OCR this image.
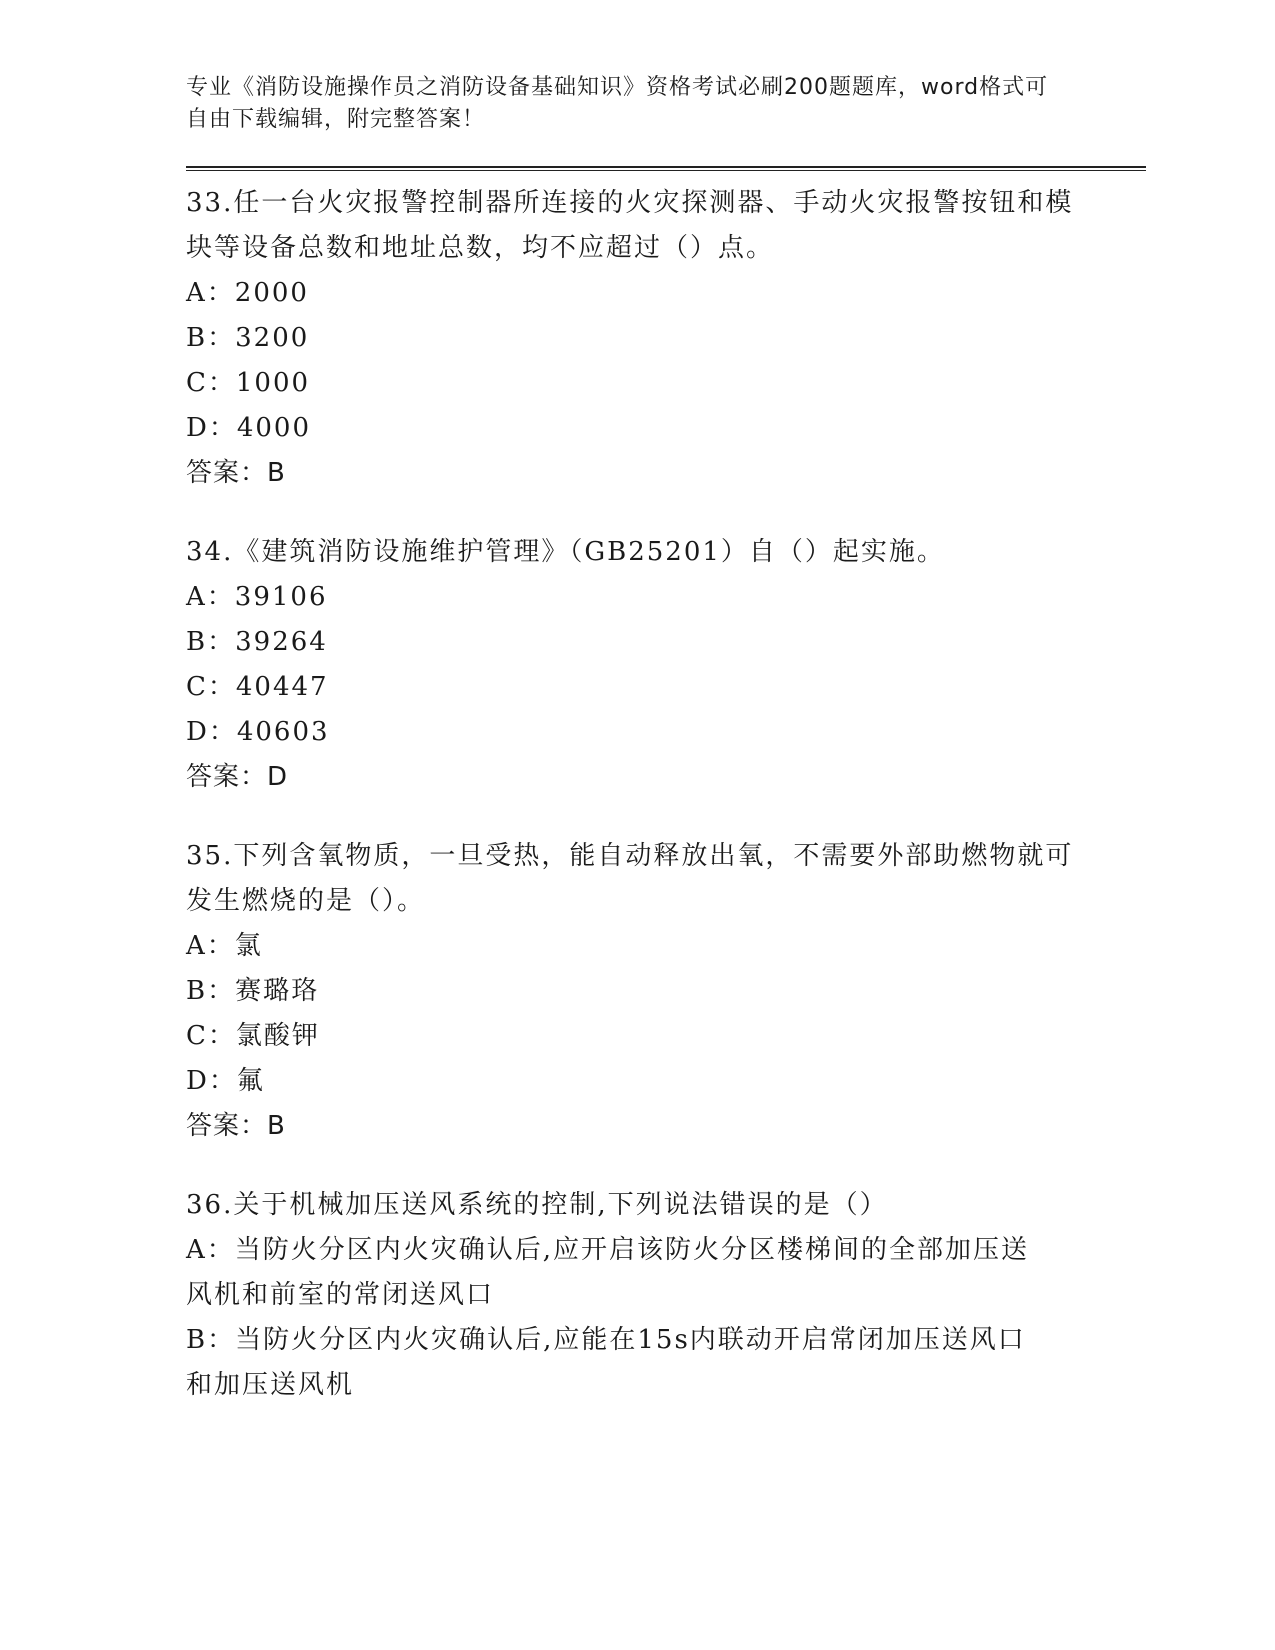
专业《消防设施操作员之消防设备基础知识》资格考试必刷200题题库，word格式可自由下载编辑，附完整答案！

33.任一台火灾报警控制器所连接的火灾探测器、手动火灾报警按钮和模块等设备总数和地址总数，均不应超过（）点。

A：2000

B：3200

C：1000

D：4000

答案：B

34.《建筑消防设施维护管理》（GB25201）自（）起实施。

A：39106

B：39264

C：40447

D：40603

答案：D

35.下列含氧物质，一旦受热，能自动释放出氧，不需要外部助燃物就可发生燃烧的是（）。

A：氯

B：赛璐珞

C：氯酸钾

D：氟

答案：B

36.关于机械加压送风系统的控制,下列说法错误的是（）

A：当防火分区内火灾确认后,应开启该防火分区楼梯间的全部加压送风机和前室的常闭送风口

B：当防火分区内火灾确认后,应能在15s内联动开启常闭加压送风口和加压送风机
